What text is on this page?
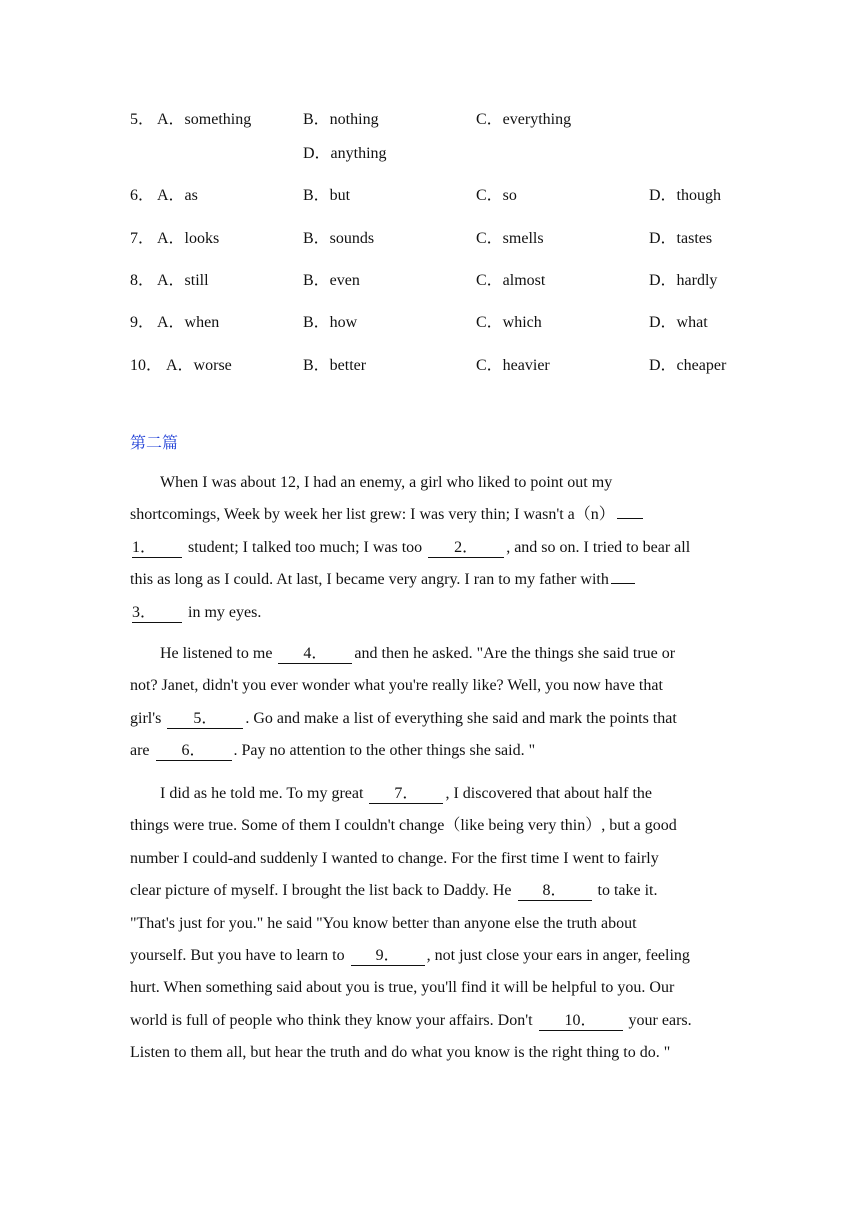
5． A．something	B．nothing	C．everything
D．anything
6． A．as	B．but	C．so	D．though
7． A．looks	B．sounds	C．smells	D．tastes
8． A．still	B．even	C．almost	D．hardly
9． A．when	B．how	C．which	D．what
10． A．worse	B．better	C．heavier	D．cheaper
第二篇
When I was about 12, I had an enemy, a girl who liked to point out my
shortcomings, Week by week her list grew: I was very thin; I wasn't a（n）
1． student; I talked too much; I was too 2． , and so on. I tried to bear all
this as long as I could. At last, I became very angry. I ran to my father with
3． in my eyes.
He listened to me 4． and then he asked. "Are the things she said true or
not? Janet, didn't you ever wonder what you're really like? Well, you now have that
girl's 5． . Go and make a list of everything she said and mark the points that
are 6． . Pay no attention to the other things she said. "
I did as he told me. To my great 7． , I discovered that about half the
things were true. Some of them I couldn't change（like being very thin）, but a good
number I could-and suddenly I wanted to change. For the first time I went to fairly
clear picture of myself. I brought the list back to Daddy. He 8． to take it.
"That's just for you." he said "You know better than anyone else the truth about
yourself. But you have to learn to 9． , not just close your ears in anger, feeling
hurt. When something said about you is true, you'll find it will be helpful to you. Our
world is full of people who think they know your affairs. Don't 10． your ears.
Listen to them all, but hear the truth and do what you know is the right thing to do. "
